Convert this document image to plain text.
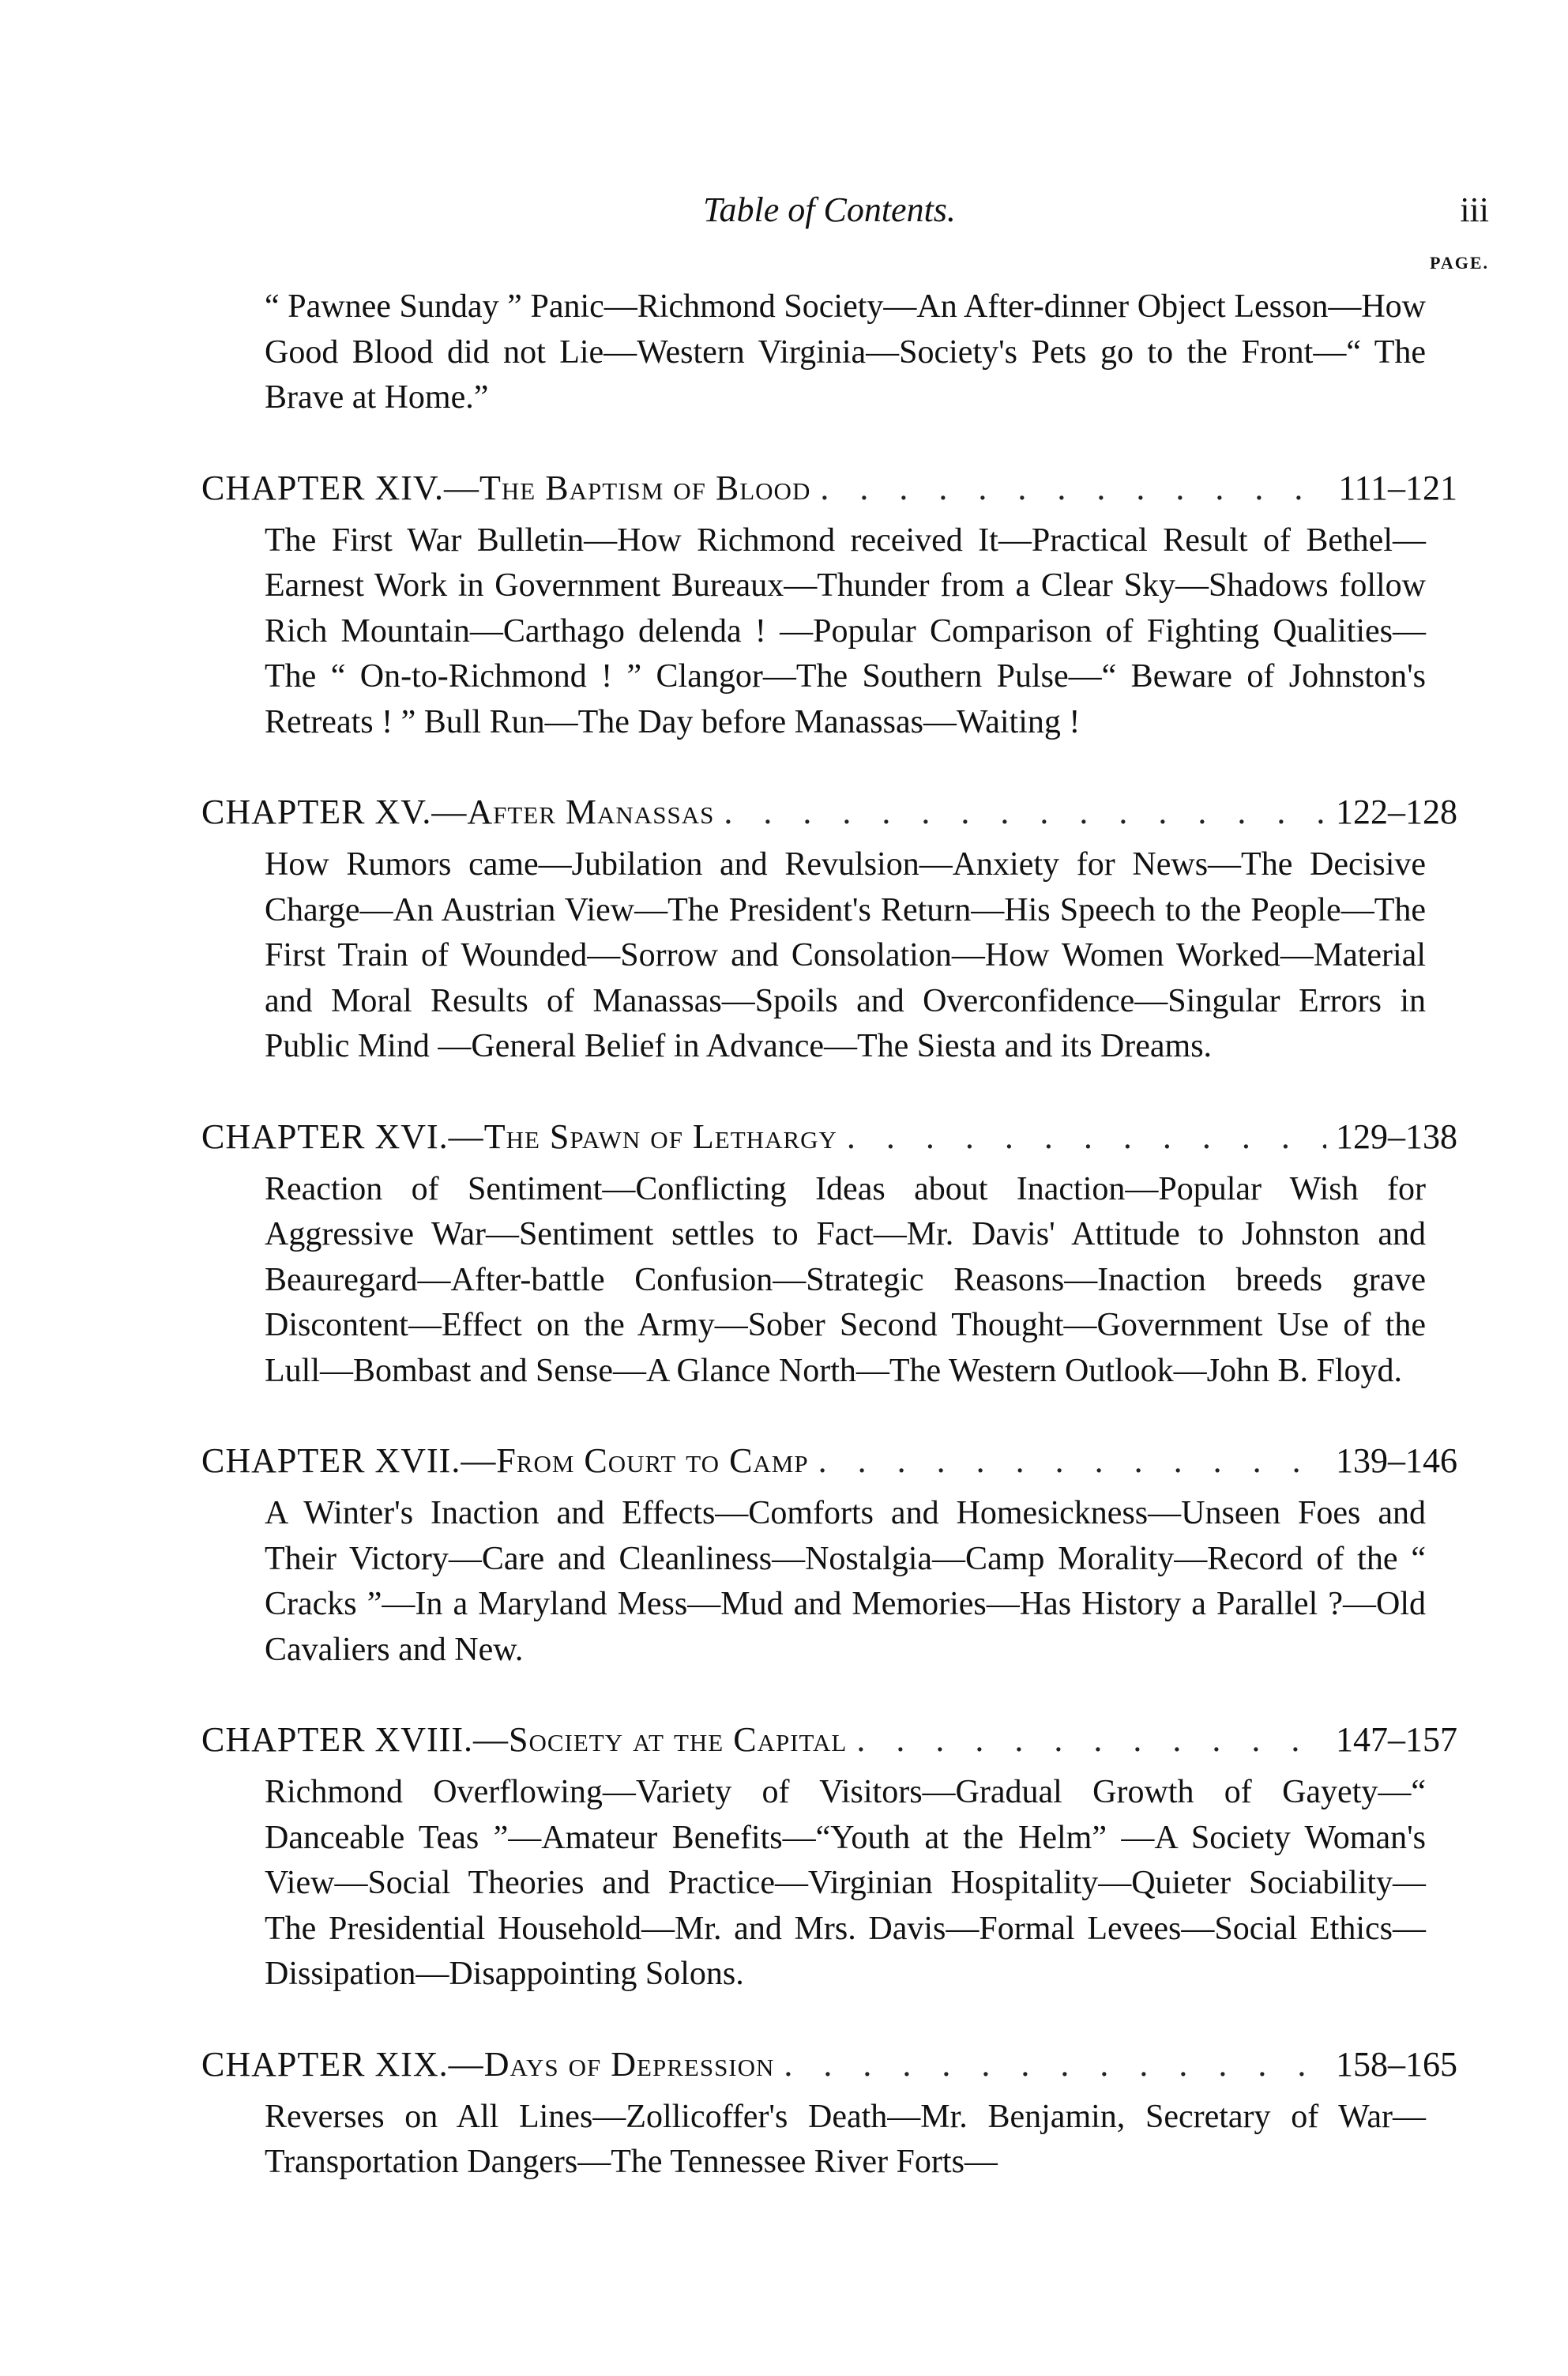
Table of Contents.	iii
PAGE.
“ Pawnee Sunday ” Panic—Richmond Society—An After-dinner Object Lesson—How Good Blood did not Lie—Western Virginia—Society's Pets go to the Front—“ The Brave at Home.”
CHAPTER XIV.— The Baptism of Blood . . .	111–121
The First War Bulletin—How Richmond received It—Practical Result of Bethel—Earnest Work in Government Bureaux—Thunder from a Clear Sky—Shadows follow Rich Mountain—Carthago delenda ! —Popular Comparison of Fighting Qualities—The “ On-to-Richmond ! ” Clangor—The Southern Pulse—“ Beware of Johnston's Retreats ! ” Bull Run—The Day before Manassas—Waiting !
CHAPTER XV.— After Manassas . . .	122–128
How Rumors came—Jubilation and Revulsion—Anxiety for News—The Decisive Charge—An Austrian View—The President's Return—His Speech to the People—The First Train of Wounded—Sorrow and Consolation—How Women Worked—Material and Moral Results of Manassas—Spoils and Overconfidence—Singular Errors in Public Mind —General Belief in Advance—The Siesta and its Dreams.
CHAPTER XVI.— The Spawn of Lethargy . . .	129–138
Reaction of Sentiment—Conflicting Ideas about Inaction—Popular Wish for Aggressive War—Sentiment settles to Fact—Mr. Davis' Attitude to Johnston and Beauregard—After-battle Confusion—Strategic Reasons—Inaction breeds grave Discontent—Effect on the Army—Sober Second Thought—Government Use of the Lull—Bombast and Sense—A Glance North—The Western Outlook—John B. Floyd.
CHAPTER XVII.— From Court to Camp . . .	139–146
A Winter's Inaction and Effects—Comforts and Homesickness—Unseen Foes and Their Victory—Care and Cleanliness—Nostalgia—Camp Morality—Record of the “ Cracks ”—In a Maryland Mess—Mud and Memories—Has History a Parallel ?—Old Cavaliers and New.
CHAPTER XVIII.— Society at the Capital . . .	147–157
Richmond Overflowing—Variety of Visitors—Gradual Growth of Gayety—“ Danceable Teas ”—Amateur Benefits—“Youth at the Helm” —A Society Woman's View—Social Theories and Practice—Virginian Hospitality—Quieter Sociability—The Presidential Household—Mr. and Mrs. Davis—Formal Levees—Social Ethics—Dissipation—Disappointing Solons.
CHAPTER XIX.— Days of Depression . . .	158–165
Reverses on All Lines—Zollicoffer's Death—Mr. Benjamin, Secretary of War—Transportation Dangers—The Tennessee River Forts—
